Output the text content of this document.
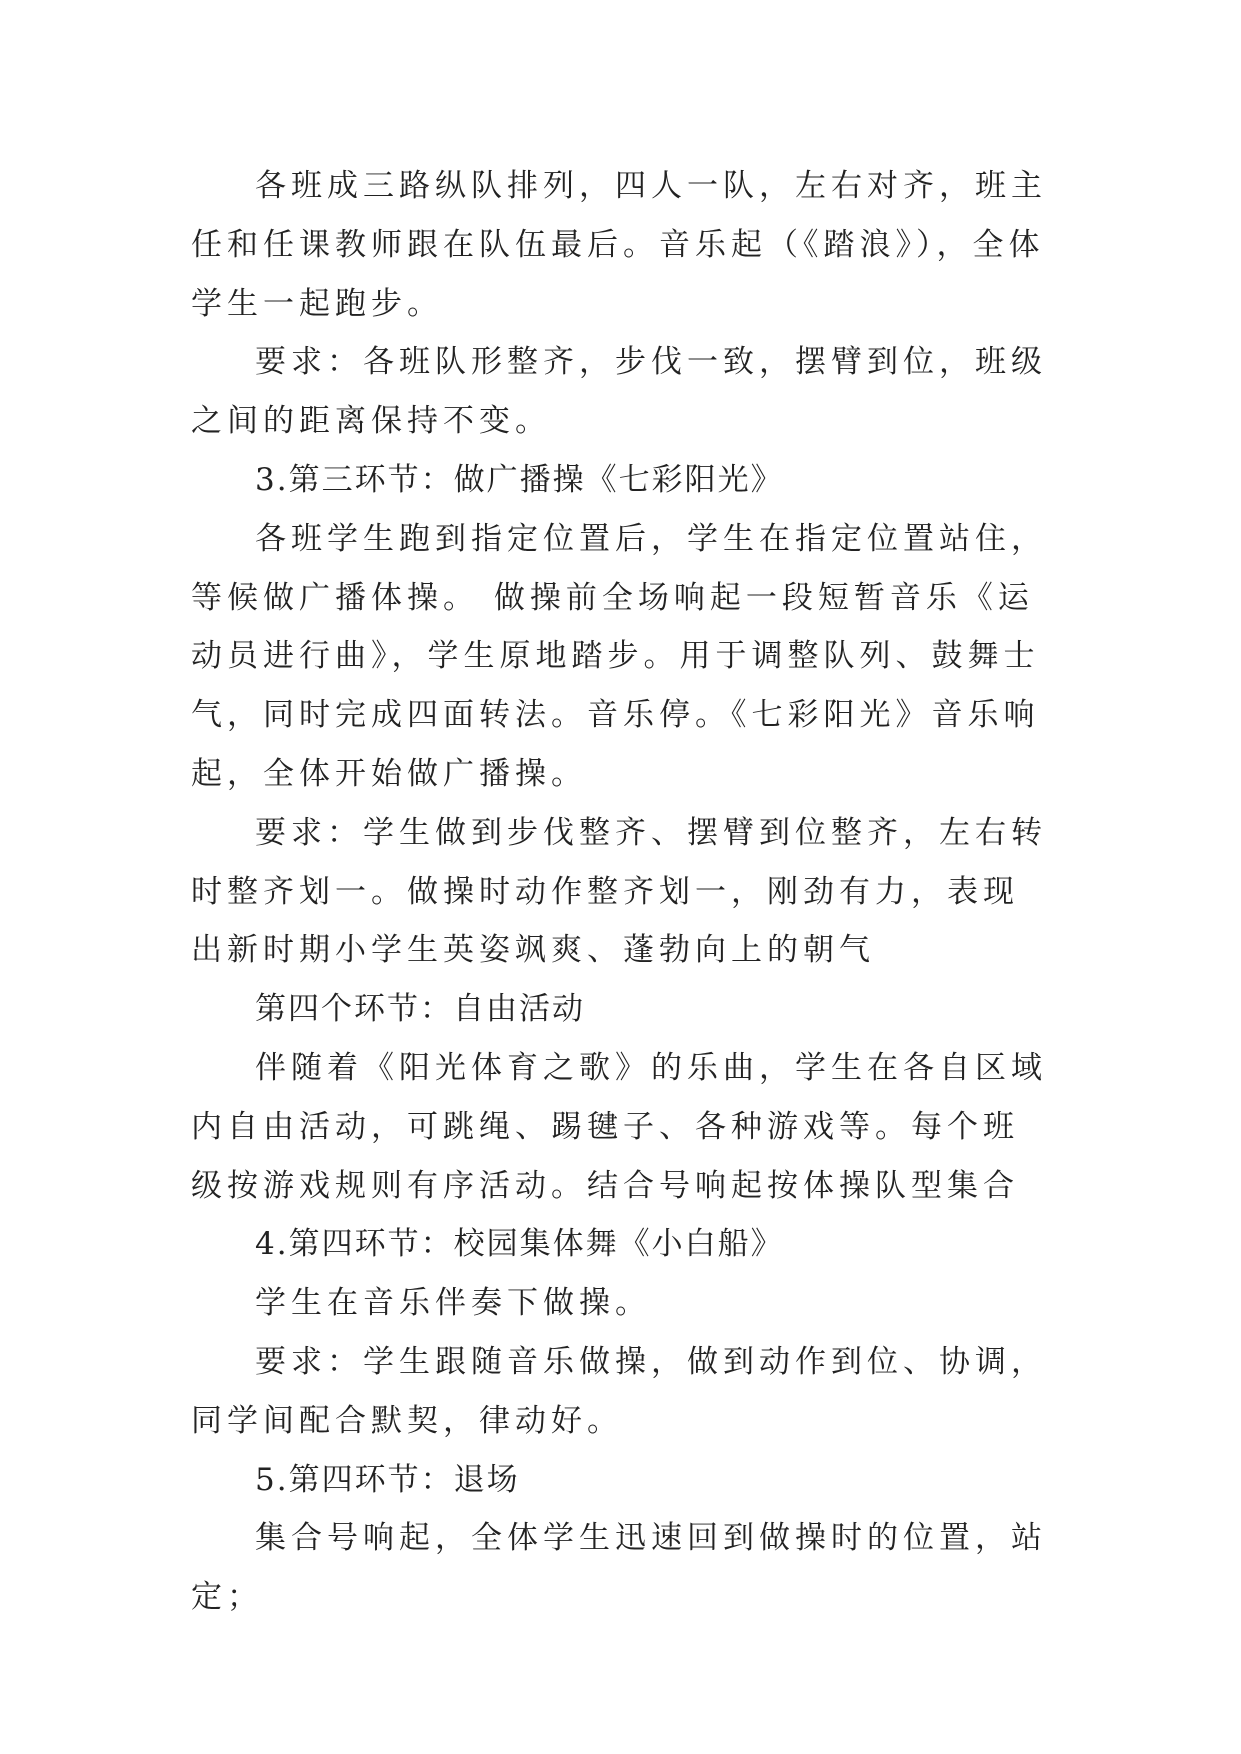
各班成三路纵队排列，四人一队，左右对齐，班主任和任课教师跟在队伍最后。音乐起（《踏浪》），全体学生一起跑步。

要求：各班队形整齐，步伐一致，摆臂到位，班级之间的距离保持不变。

3.第三环节：做广播操《七彩阳光》

各班学生跑到指定位置后，学生在指定位置站住，等候做广播体操。 做操前全场响起一段短暂音乐《运动员进行曲》，学生原地踏步。用于调整队列、鼓舞士气，同时完成四面转法。音乐停。《七彩阳光》音乐响起，全体开始做广播操。

要求：学生做到步伐整齐、摆臂到位整齐，左右转时整齐划一。做操时动作整齐划一，刚劲有力，表现出新时期小学生英姿飒爽、蓬勃向上的朝气

第四个环节：自由活动

伴随着《阳光体育之歌》的乐曲，学生在各自区域内自由活动，可跳绳、踢毽子、各种游戏等。每个班级按游戏规则有序活动。结合号响起按体操队型集合

4.第四环节：校园集体舞《小白船》

学生在音乐伴奏下做操。

要求：学生跟随音乐做操，做到动作到位、协调，同学间配合默契，律动好。

5.第四环节：退场

集合号响起，全体学生迅速回到做操时的位置，站定；
